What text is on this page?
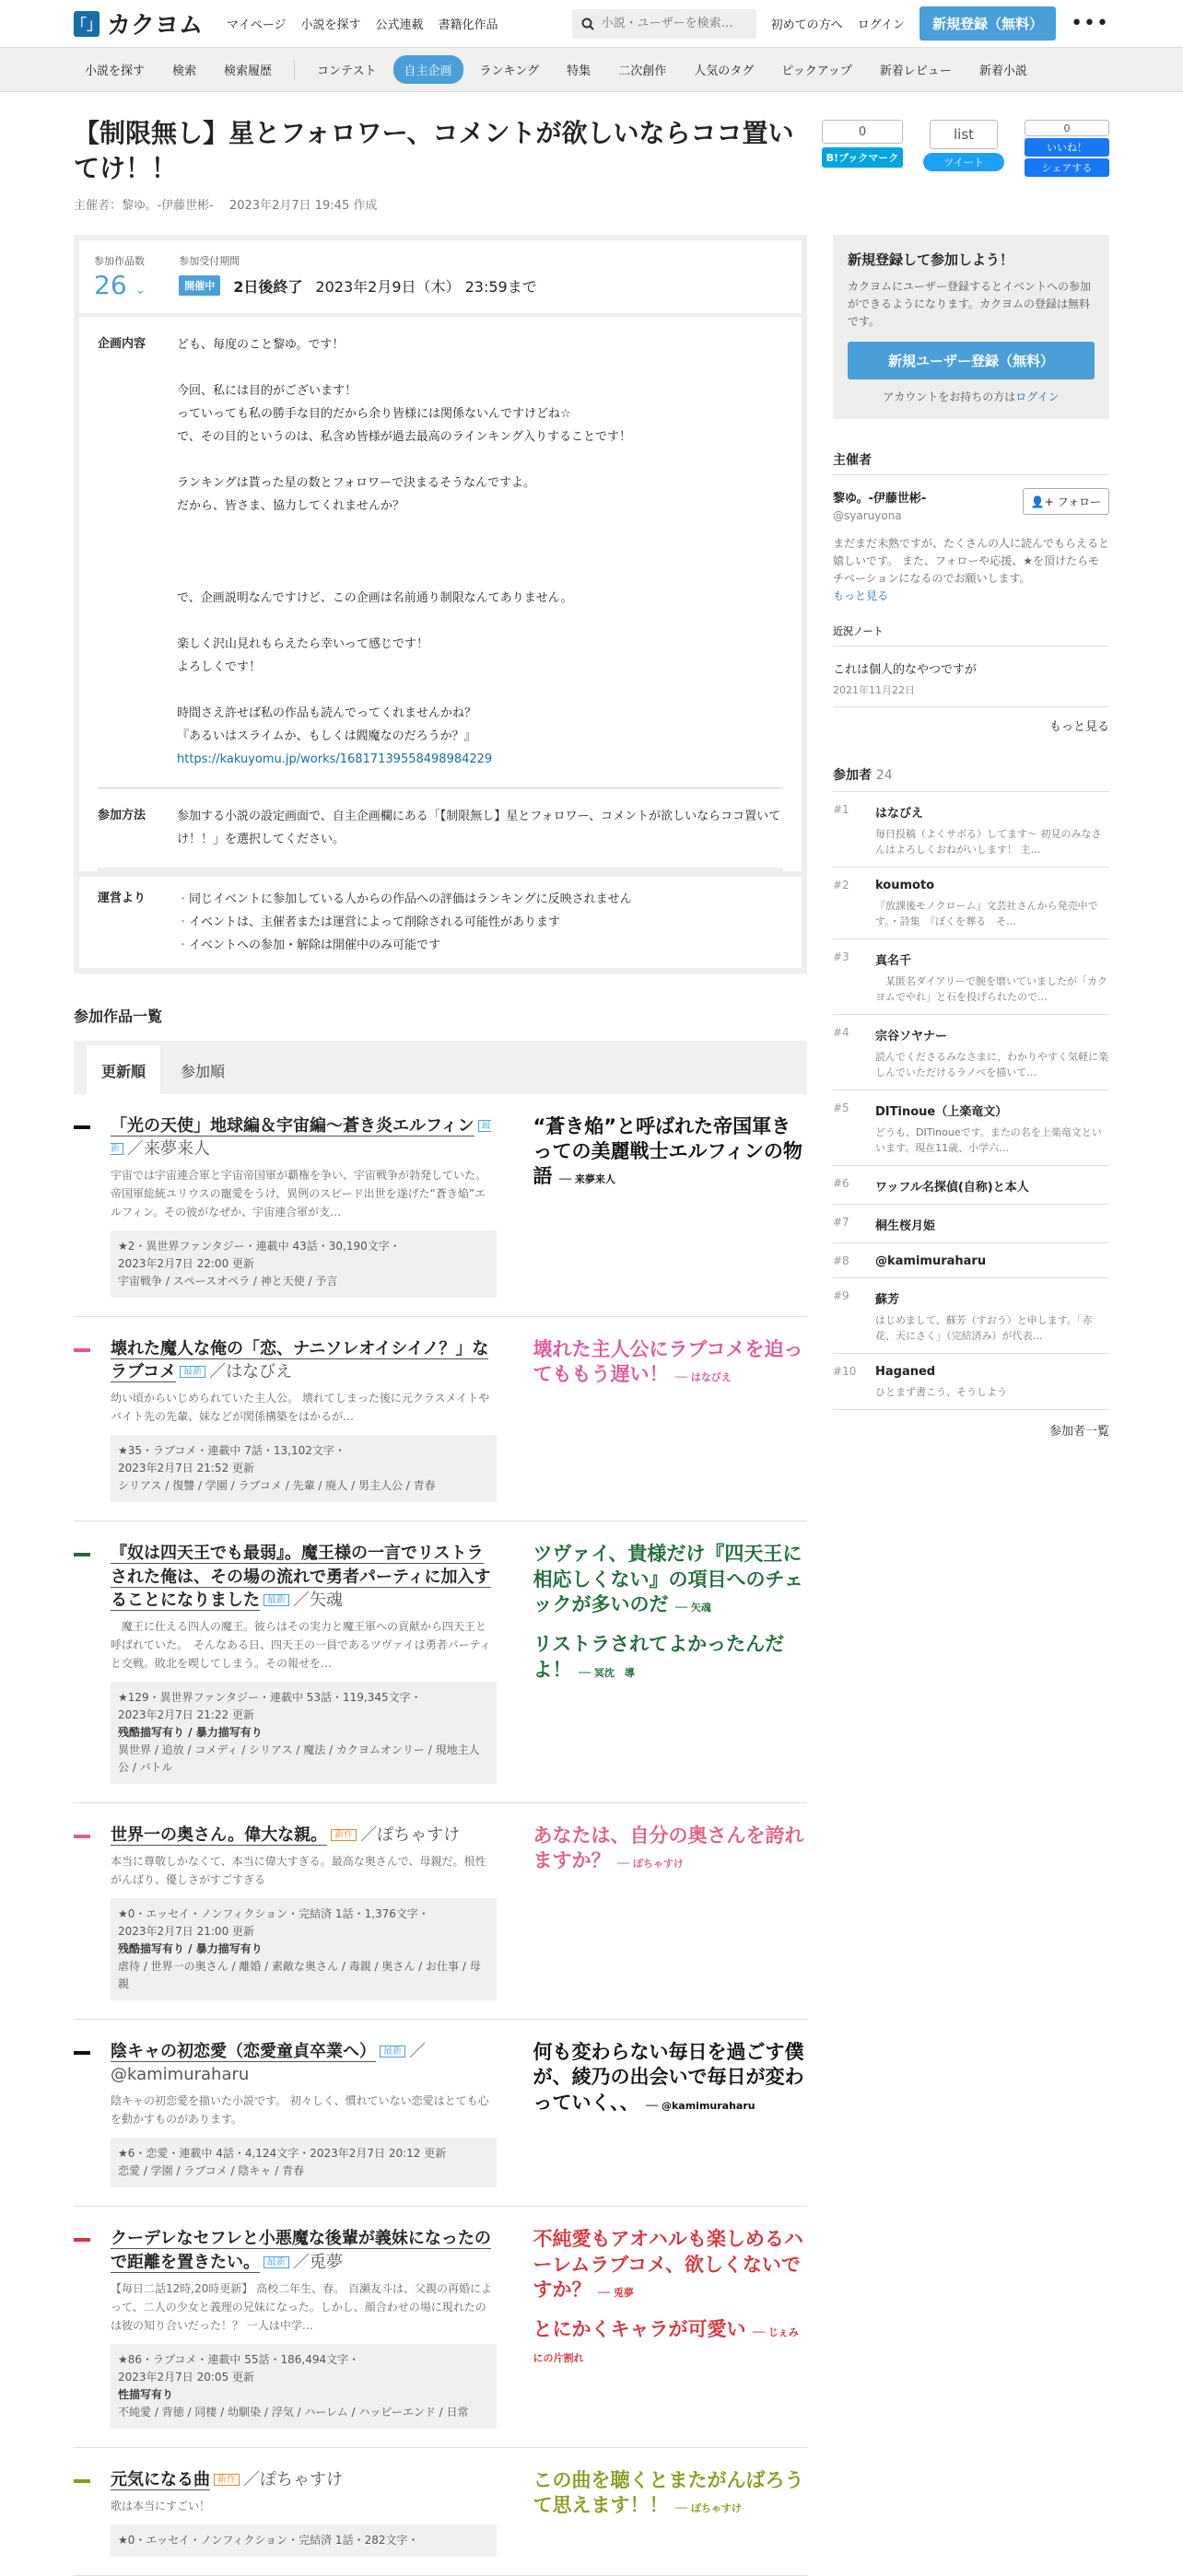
「」 カクヨム マイページ 小説を探す 公式連載 書籍化作品
小説・ユーザーを検索…	初めての方へ ログイン	新規登録（無料）	•••
小説を探す	検索	検索履歴	コンテスト	自主企画	ランキング	特集	二次創作	人気のタグ	ピックアップ	新着レビュー	新着小説
【制限無し】星とフォロワー、コメントが欲しいならココ置いてけ！！
主催者：黎ゆ。-伊藤世彬-　 2023年2月7日 19:45 作成
0
B!ブックマーク
list
ツイート
0
いいね！
シェアする
参加作品数
26 ⌄
参加受付期間
開催中	2日後終了 2023年2月9日（木） 23:59まで
企画内容	ども、毎度のこと黎ゆ。です！
今回、私には目的がございます！
っていっても私の勝手な目的だから余り皆様には関係ないんですけどね☆
で、その目的というのは、私含め皆様が過去最高のラインキング入りすることです！
ランキングは貰った星の数とフォロワーで決まるそうなんですよ。
だから、皆さま、協力してくれませんか？
で、企画説明なんですけど、この企画は名前通り制限なんてありません。
楽しく沢山見れもらえたら幸いって感じです！
よろしくです！
時間さえ許せば私の作品も読んでってくれませんかね？
『あるいはスライムか、もしくは閻魔なのだろうか？』
https://kakuyomu.jp/works/16817139558498984229
参加方法	参加する小説の設定画面で、自主企画欄にある「【制限無し】星とフォロワー、コメントが欲しいならココ置いてけ！！」を選択してください。
運営より
・	同じイベントに参加している人からの作品への評価はランキングに反映されません
・ イベントは、主催者または運営によって削除される可能性があります
・ イベントへの参加・解除は開催中のみ可能です
参加作品一覧
更新順	参加順
「光の天使」地球編＆宇宙編～蒼き炎エルフィン 最新 ／来夢来人
宇宙では宇宙連合軍と宇宙帝国軍が覇権を争い、宇宙戦争が勃発していた。帝国軍総統ユリウスの寵愛をうけ、異例のスピード出世を遂げた“蒼き焔”エルフィン。その彼がなぜか、宇宙連合軍が支…
★2・異世界ファンタジー・連載中 43話・30,190文字・
2023年2月7日 22:00 更新
宇宙戦争 / スペースオペラ / 神と天使 / 予言
“蒼き焔”と呼ばれた帝国軍きっての美麗戦士エルフィンの物語 ── 来夢来人
壊れた魔人な俺の「恋、ナニソレオイシイノ？」なラブコメ 最新 ／はなびえ
幼い頃からいじめられていた主人公。 壊れてしまった後に元クラスメイトやバイト先の先輩、妹などが関係構築をはかるが…
★35・ラブコメ・連載中 7話・13,102文字・
2023年2月7日 21:52 更新
シリアス / 復讐 / 学園 / ラブコメ / 先輩 / 廃人 / 男主人公 / 青春
壊れた主人公にラブコメを迫ってももう遅い！ ── はなびえ
『奴は四天王でも最弱』。魔王様の一言でリストラされた俺は、その場の流れで勇者パーティに加入することになりました 最新 ／矢魂
　魔王に仕える四人の魔王。彼らはその実力と魔王軍への貢献から四天王と呼ばれていた。　そんなある日、四天王の一員であるツヴァイは勇者パーティと交戦。敗北を喫してしまう。その報せを…
★129・異世界ファンタジー・連載中 53話・119,345文字・
2023年2月7日 21:22 更新
残酷描写有り / 暴力描写有り
異世界 / 追放 / コメディ / シリアス / 魔法 / カクヨムオンリー / 現地主人公 / バトル
ツヴァイ、貴様だけ『四天王に相応しくない』の項目へのチェックが多いのだ ── 矢魂
リストラされてよかったんだよ！ ── 冥沈　導
世界一の奥さん。偉大な親。 新作 ／ぽちゃすけ
本当に尊敬しかなくて、本当に偉大すぎる。最高な奥さんで、母親だ。根性がんばり、優しさがすごすぎる
★0・エッセイ・ノンフィクション・完結済 1話・1,376文字・
2023年2月7日 21:00 更新
残酷描写有り / 暴力描写有り
虐待 / 世界一の奥さん / 離婚 / 素敵な奥さん / 毒親 / 奥さん / お仕事 / 母親
あなたは、自分の奥さんを誇れますか？ ── ぽちゃすけ
陰キャの初恋愛（恋愛童貞卒業へ） 最新 ／@kamimuraharu
陰キャの初恋愛を描いた小説です。 初々しく、慣れていない恋愛はとても心を動かすものがあります。
★6・恋愛・連載中 4話・4,124文字・2023年2月7日 20:12 更新
恋愛 / 学園 / ラブコメ / 陰キャ / 青春
何も変わらない毎日を過ごす僕が、綾乃の出会いで毎日が変わっていく、、 ── @kamimuraharu
クーデレなセフレと小悪魔な後輩が義妹になったので距離を置きたい。 最新 ／兎夢
【毎日二話12時,20時更新】 高校二年生、春。 百瀬友斗は、父親の再婚によって、二人の少女と義理の兄妹になった。しかし、顔合わせの場に現れたのは彼の知り合いだった！？ 一人は中学…
★86・ラブコメ・連載中 55話・186,494文字・
2023年2月7日 20:05 更新
性描写有り
不純愛 / 背徳 / 同棲 / 幼馴染 / 浮気 / ハーレム / ハッピーエンド / 日常
不純愛もアオハルも楽しめるハーレムラブコメ、欲しくないですか？ ── 兎夢
とにかくキャラが可愛い ── じぇみにの片割れ
元気になる曲 新作 ／ぽちゃすけ
歌は本当にすごい！
★0・エッセイ・ノンフィクション・完結済 1話・282文字・
この曲を聴くとまたがんばろうて思えます！！ ── ぽちゃすけ
新規登録して参加しよう！
カクヨムにユーザー登録するとイベントへの参加ができるようになります。カクヨムの登録は無料です。
新規ユーザー登録（無料）
アカウントをお持ちの方はログイン
主催者
黎ゆ。-伊藤世彬-
@syaruyona
👤+ フォロー
まだまだ未熟ですが、たくさんの人に読んでもらえると嬉しいです。 また、フォローや応援、★を頂けたらモチベーションになるのでお願いします。
もっと見る
近況ノート
これは個人的なやつですが
2021年11月22日
もっと見る
参加者 24
#1	はなびえ
毎日投稿（よくサボる）してます～ 初見のみなさんはよろしくおねがいします！ 主…
#2	koumoto
『放課後モノクローム』文芸社さんから発売中です。・詩集　『ぼくを葬る　そ…
#3	真名千
　某匿名ダイアリーで腕を磨いていましたが「カクヨムでやれ」と石を投げられたので…
#4	宗谷ソヤナー
読んでくださるみなさまに、わかりやすく気軽に楽しんでいただけるラノベを描いて…
#5	DITinoue（上楽竜文）
どうも、DITinoueです。またの名を上楽竜文といいます。現在11歳、小学六…
#6	ワッフル名探偵(自称)と本人
#7	桐生桜月姫
#8	@kamimuraharu
#9	蘇芳
はじめまして、蘇芳（すおう）と申します。「赤花、天にさく」（完結済み）が代表…
#10	Haganed
ひとまず書こう、そうしよう
参加者一覧
